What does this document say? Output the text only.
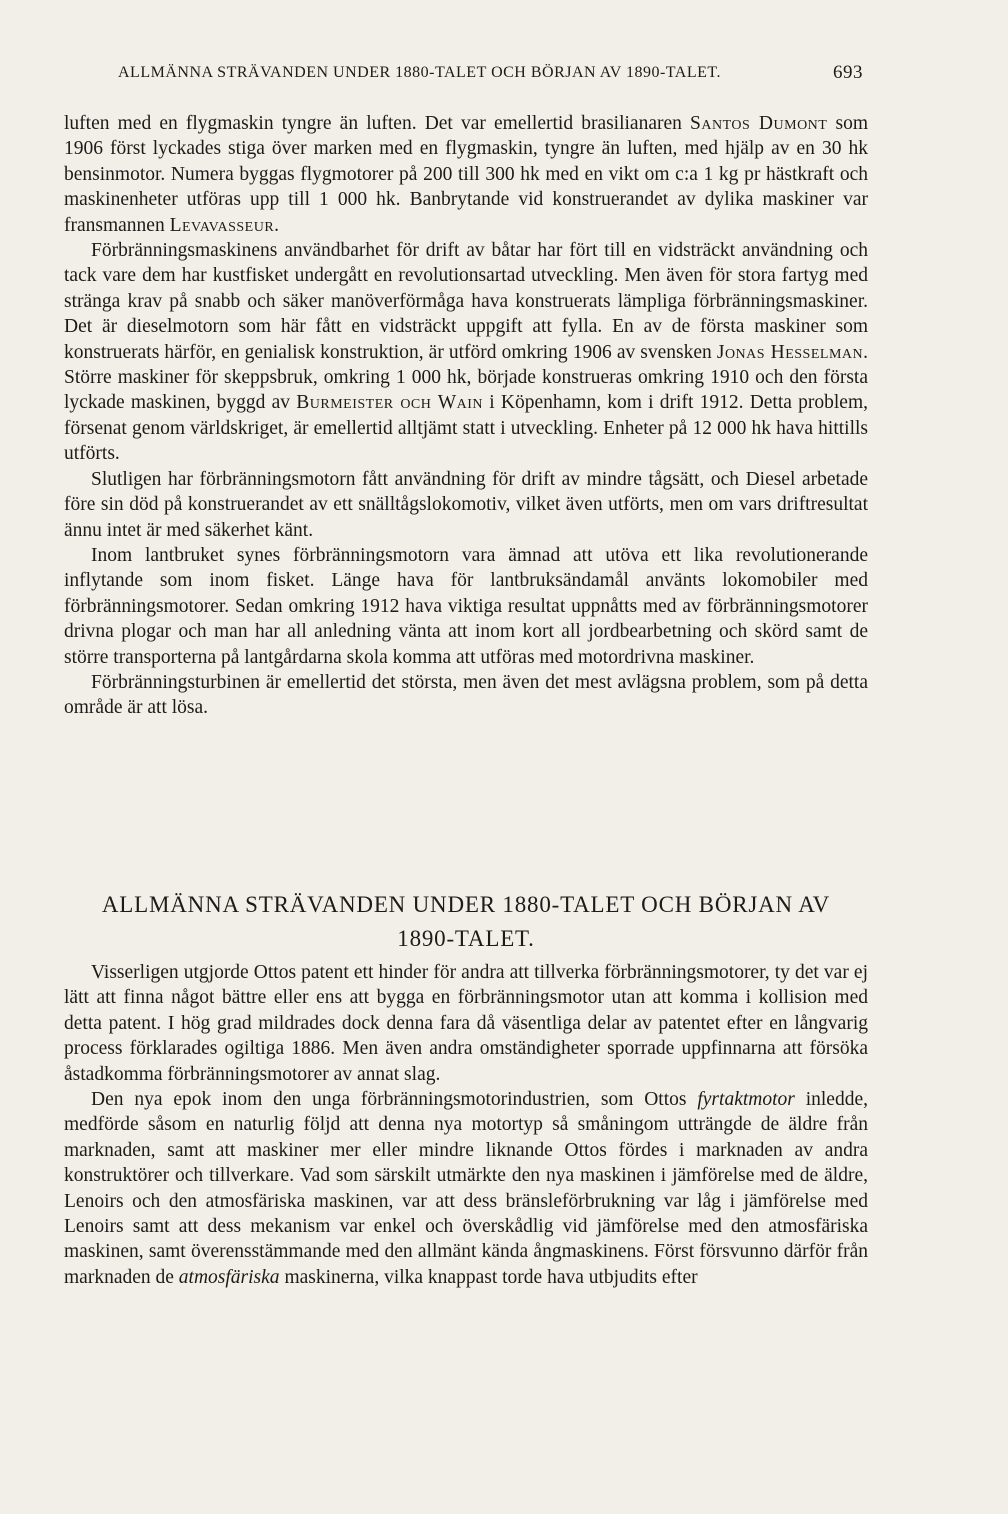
ALLMÄNNA STRÄVANDEN UNDER 1880-TALET OCH BÖRJAN AV 1890-TALET.	693

luften med en flygmaskin tyngre än luften. Det var emellertid brasilianaren Santos Dumont som 1906 först lyckades stiga över marken med en flygmaskin, tyngre än luften, med hjälp av en 30 hk bensinmotor. Numera byggas flygmotorer på 200 till 300 hk med en vikt om c:a 1 kg pr hästkraft och maskinenheter utföras upp till 1 000 hk. Banbrytande vid konstruerandet av dylika maskiner var fransmannen Levavasseur.

Förbränningsmaskinens användbarhet för drift av båtar har fört till en vidsträckt användning och tack vare dem har kustfisket undergått en revolutionsartad utveckling. Men även för stora fartyg med stränga krav på snabb och säker manöverförmåga hava konstruerats lämpliga förbränningsmaskiner. Det är dieselmotorn som här fått en vidsträckt uppgift att fylla. En av de första maskiner som konstruerats härför, en genialisk konstruktion, är utförd omkring 1906 av svensken Jonas Hesselman. Större maskiner för skeppsbruk, omkring 1 000 hk, började konstrueras omkring 1910 och den första lyckade maskinen, byggd av Burmeister och Wain i Köpenhamn, kom i drift 1912. Detta problem, försenat genom världskriget, är emellertid alltjämt statt i utveckling. Enheter på 12 000 hk hava hittills utförts.

Slutligen har förbränningsmotorn fått användning för drift av mindre tågsätt, och Diesel arbetade före sin död på konstruerandet av ett snälltågslokomotiv, vilket även utförts, men om vars driftresultat ännu intet är med säkerhet känt.

Inom lantbruket synes förbränningsmotorn vara ämnad att utöva ett lika revolutionerande inflytande som inom fisket. Länge hava för lantbruksändamål använts lokomobiler med förbränningsmotorer. Sedan omkring 1912 hava viktiga resultat uppnåtts med av förbränningsmotorer drivna plogar och man har all anledning vänta att inom kort all jordbearbetning och skörd samt de större transporterna på lantgårdarna skola komma att utföras med motordrivna maskiner.

Förbränningsturbinen är emellertid det största, men även det mest avlägsna problem, som på detta område är att lösa.

ALLMÄNNA STRÄVANDEN UNDER 1880-TALET OCH BÖRJAN AV
1890-TALET.

Visserligen utgjorde Ottos patent ett hinder för andra att tillverka förbränningsmotorer, ty det var ej lätt att finna något bättre eller ens att bygga en förbränningsmotor utan att komma i kollision med detta patent. I hög grad mildrades dock denna fara då väsentliga delar av patentet efter en långvarig process förklarades ogiltiga 1886. Men även andra omständigheter sporrade uppfinnarna att försöka åstadkomma förbränningsmotorer av annat slag.

Den nya epok inom den unga förbränningsmotorindustrien, som Ottos fyrtaktmotor inledde, medförde såsom en naturlig följd att denna nya motortyp så småningom utträngde de äldre från marknaden, samt att maskiner mer eller mindre liknande Ottos fördes i marknaden av andra konstruktörer och tillverkare. Vad som särskilt utmärkte den nya maskinen i jämförelse med de äldre, Lenoirs och den atmosfäriska maskinen, var att dess bränsleförbrukning var låg i jämförelse med Lenoirs samt att dess mekanism var enkel och överskådlig vid jämförelse med den atmosfäriska maskinen, samt överensstämmande med den allmänt kända ångmaskinens. Först försvunno därför från marknaden de atmosfäriska maskinerna, vilka knappast torde hava utbjudits efter
